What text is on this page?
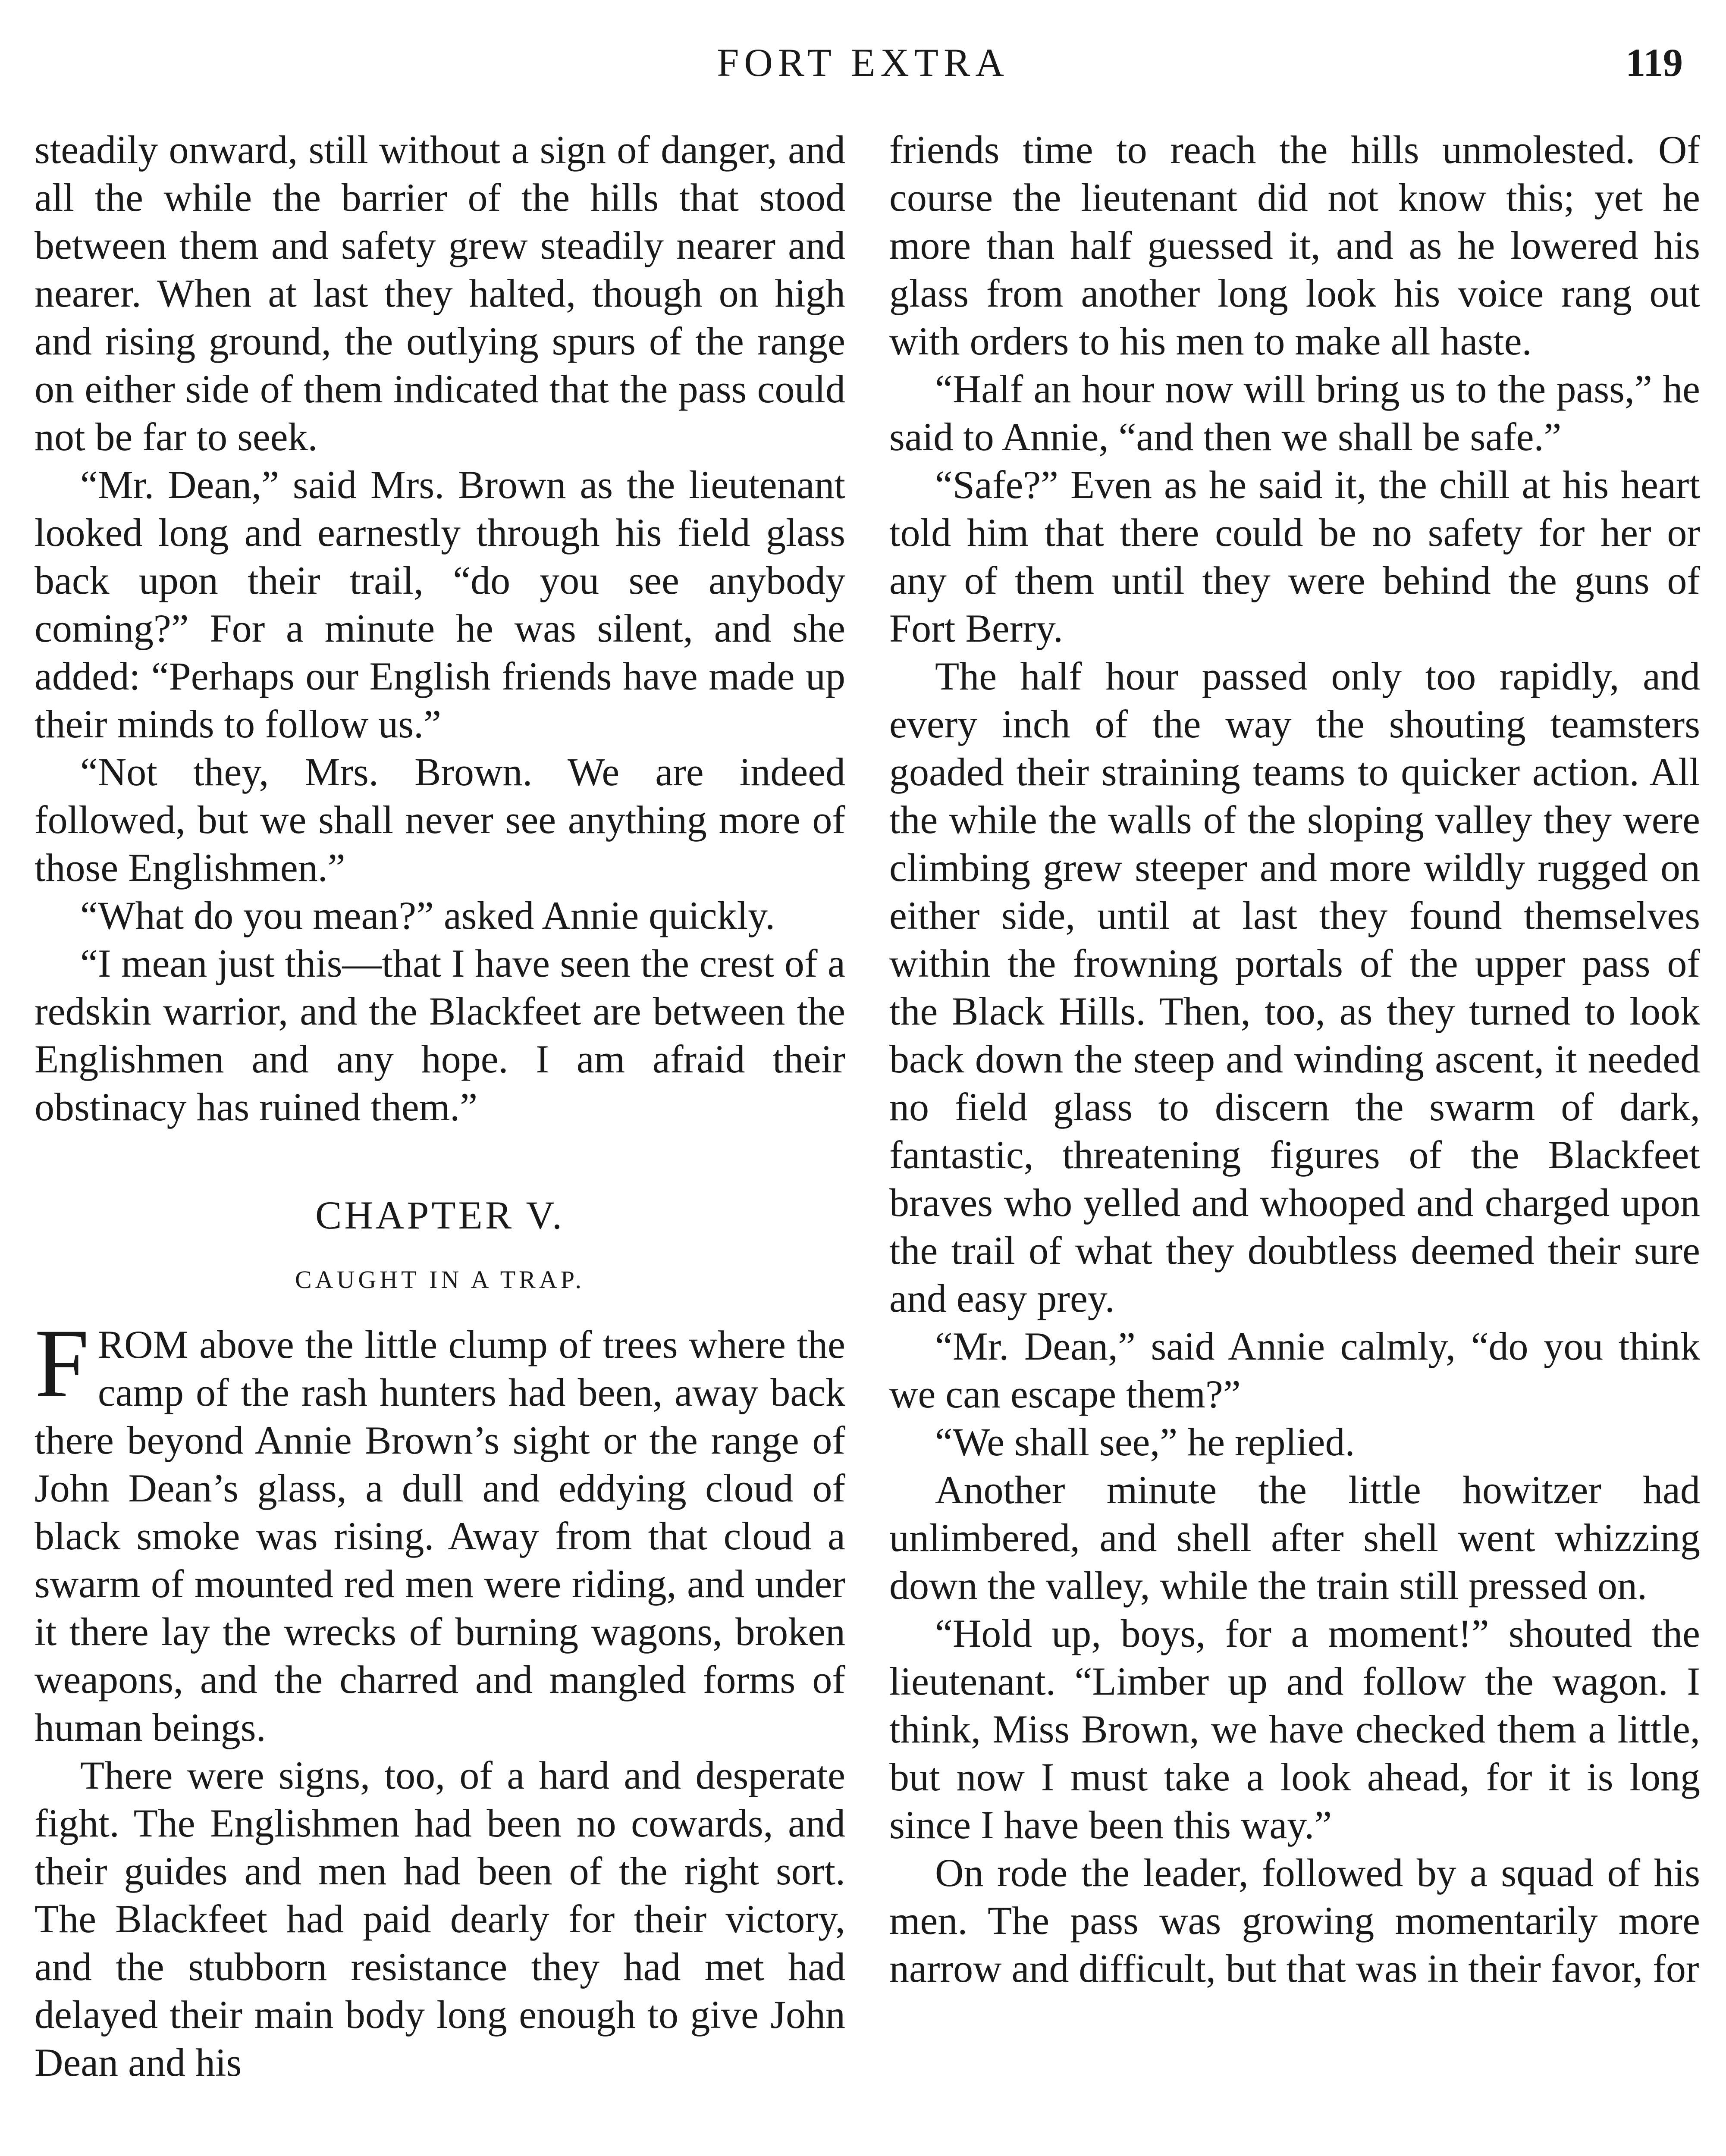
FORT EXTRA	119

steadily onward, still without a sign of danger, and all the while the barrier of the hills that stood between them and safety grew steadily nearer and nearer. When at last they halted, though on high and rising ground, the outlying spurs of the range on either side of them indicated that the pass could not be far to seek.

“Mr. Dean,” said Mrs. Brown as the lieutenant looked long and earnestly through his field glass back upon their trail, “do you see anybody coming?” For a minute he was silent, and she added: “Perhaps our English friends have made up their minds to follow us.”

“Not they, Mrs. Brown. We are indeed followed, but we shall never see anything more of those Englishmen.”

“What do you mean?” asked Annie quickly.

“I mean just this—that I have seen the crest of a redskin warrior, and the Blackfeet are between the Englishmen and any hope. I am afraid their obstinacy has ruined them.”

CHAPTER V.
CAUGHT IN A TRAP.

FROM above the little clump of trees where the camp of the rash hunters had been, away back there beyond Annie Brown’s sight or the range of John Dean’s glass, a dull and eddying cloud of black smoke was rising. Away from that cloud a swarm of mounted red men were riding, and under it there lay the wrecks of burning wagons, broken weapons, and the charred and mangled forms of human beings.

There were signs, too, of a hard and desperate fight. The Englishmen had been no cowards, and their guides and men had been of the right sort. The Blackfeet had paid dearly for their victory, and the stubborn resistance they had met had delayed their main body long enough to give John Dean and his

friends time to reach the hills unmolested. Of course the lieutenant did not know this; yet he more than half guessed it, and as he lowered his glass from another long look his voice rang out with orders to his men to make all haste.

“Half an hour now will bring us to the pass,” he said to Annie, “and then we shall be safe.”

“Safe?” Even as he said it, the chill at his heart told him that there could be no safety for her or any of them until they were behind the guns of Fort Berry.

The half hour passed only too rapidly, and every inch of the way the shouting teamsters goaded their straining teams to quicker action. All the while the walls of the sloping valley they were climbing grew steeper and more wildly rugged on either side, until at last they found themselves within the frowning portals of the upper pass of the Black Hills. Then, too, as they turned to look back down the steep and winding ascent, it needed no field glass to discern the swarm of dark, fantastic, threatening figures of the Blackfeet braves who yelled and whooped and charged upon the trail of what they doubtless deemed their sure and easy prey.

“Mr. Dean,” said Annie calmly, “do you think we can escape them?”

“We shall see,” he replied.

Another minute the little howitzer had unlimbered, and shell after shell went whizzing down the valley, while the train still pressed on.

“Hold up, boys, for a moment!” shouted the lieutenant. “Limber up and follow the wagon. I think, Miss Brown, we have checked them a little, but now I must take a look ahead, for it is long since I have been this way.”

On rode the leader, followed by a squad of his men. The pass was growing momentarily more narrow and difficult, but that was in their favor, for
